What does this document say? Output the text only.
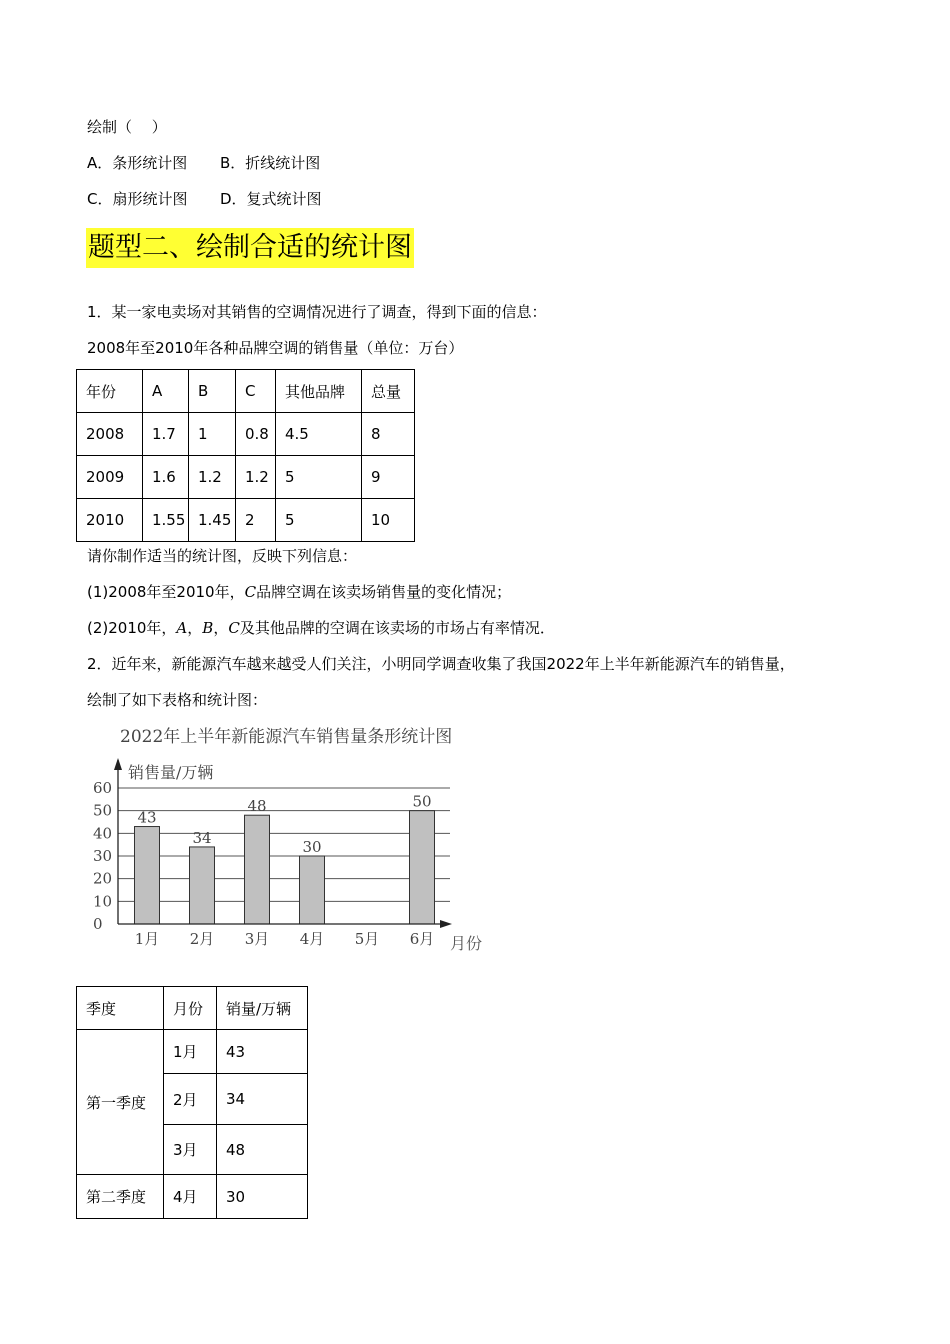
绘制（　 ）
A．条形统计图 B．折线统计图
C．扇形统计图 D．复式统计图
题型二、绘制合适的统计图
1．某一家电卖场对其销售的空调情况进行了调查，得到下面的信息：
2008年至2010年各种品牌空调的销售量（单位：万台）
年份	A	B	C	其他品牌	总量
2008	1.7	1	0.8	4.5	8
2009	1.6	1.2	1.2	5	9
2010	1.55	1.45	2	5	10
请你制作适当的统计图，反映下列信息：
(1)2008年至2010年，C品牌空调在该卖场销售量的变化情况；
(2)2010年，A，B，C及其他品牌的空调在该卖场的市场占有率情况．
2．近年来，新能源汽车越来越受人们关注，小明同学调查收集了我国2022年上半年新能源汽车的销售量，
绘制了如下表格和统计图：
2022年上半年新能源汽车销售量条形统计图
销售量/万辆
月份
0
10
20
30
40
50
60
43
1月
34
2月
48
3月
30
4月 5月
50
6月
季度	月份	销量/万辆
第一季度	1月	43
	2月	34
	3月	48
第二季度	4月	30
